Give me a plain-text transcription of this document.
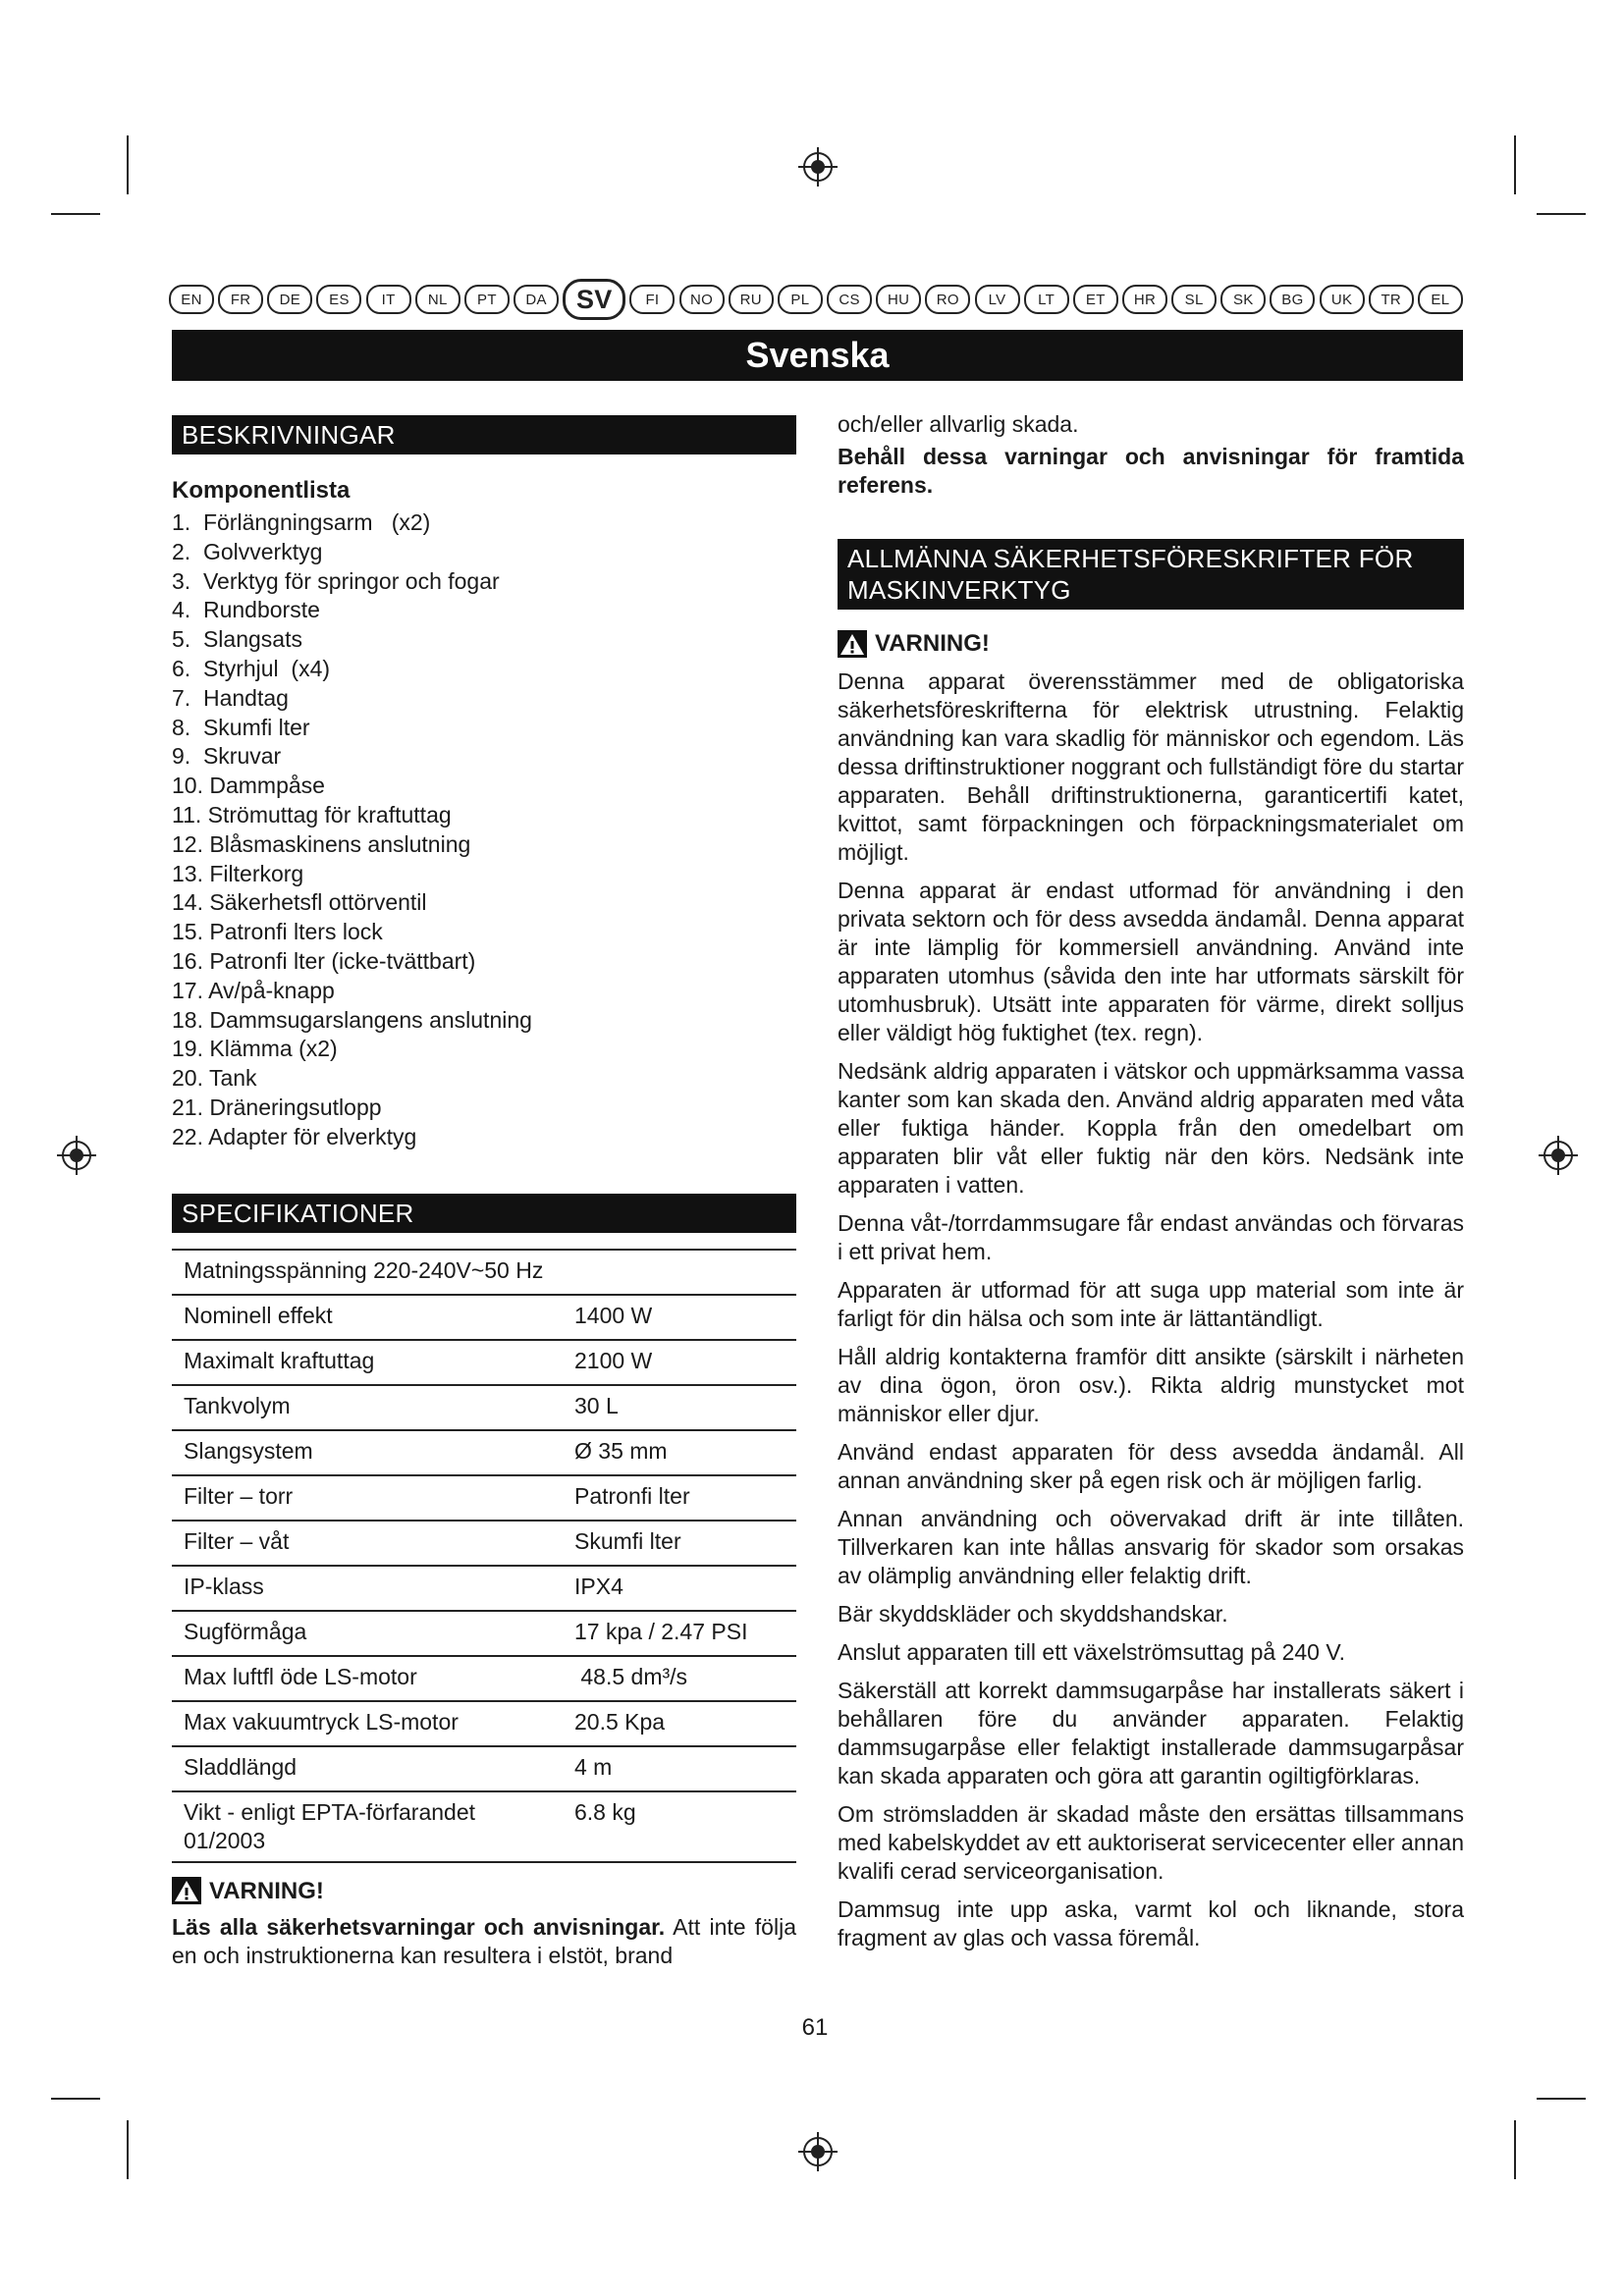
EN	FR	DE	ES	IT	NL	PT	DA	SV	FI	NO	RU	PL	CS	HU	RO	LV	LT	ET	HR	SL	SK	BG	UK	TR	EL
Svenska
BESKRIVNINGAR
Komponentlista
1.  Förlängningsarm   (x2)
2.  Golvverktyg
3.  Verktyg för springor och fogar
4.  Rundborste
5.  Slangsats
6.  Styrhjul  (x4)
7.  Handtag
8.  Skumfi lter
9.  Skruvar
10. Dammpåse
11. Strömuttag för kraftuttag
12. Blåsmaskinens anslutning
13. Filterkorg
14. Säkerhetsfl ottörventil
15. Patronfi lters lock
16. Patronfi lter (icke-tvättbart)
17. Av/på-knapp
18. Dammsugarslangens anslutning
19. Klämma (x2)
20. Tank
21. Dräneringsutlopp
22. Adapter för elverktyg
SPECIFIKATIONER
Matningsspänning 220-240V~50 Hz	
Nominell effekt	1400 W
Maximalt kraftuttag	2100 W
Tankvolym	30 L
Slangsystem	Ø 35 mm
Filter – torr	Patronfi lter
Filter – våt	Skumfi lter
IP-klass	IPX4
Sugförmåga	17 kpa / 2.47 PSI
Max luftfl öde LS-motor	48.5 dm³/s
Max vakuumtryck LS-motor	20.5 Kpa
Sladdlängd	4 m
Vikt - enligt EPTA-förfarandet 01/2003	6.8 kg
VARNING!

Läs alla säkerhetsvarningar och anvisningar. Att inte följa en och instruktionerna kan resultera i elstöt, brand

och/eller allvarlig skada.

Behåll dessa varningar och anvisningar för framtida referens.

ALLMÄNNA SÄKERHETSFÖRESKRIFTER FÖR MASKINVERKTYG
VARNING!

Denna apparat överensstämmer med de obligatoriska säkerhetsföreskrifterna för elektrisk utrustning. Felaktig användning kan vara skadlig för människor och egendom. Läs dessa driftinstruktioner noggrant och fullständigt före du startar apparaten. Behåll driftinstruktionerna, garanticertifi katet, kvittot, samt förpackningen och förpackningsmaterialet om möjligt.

Denna apparat är endast utformad för användning i den privata sektorn och för dess avsedda ändamål. Denna apparat är inte lämplig för kommersiell användning. Använd inte apparaten utomhus (såvida den inte har utformats särskilt för utomhusbruk). Utsätt inte apparaten för värme, direkt solljus eller väldigt hög fuktighet (tex. regn).

Nedsänk aldrig apparaten i vätskor och uppmärksamma vassa kanter som kan skada den. Använd aldrig apparaten med våta eller fuktiga händer. Koppla från den omedelbart om apparaten blir våt eller fuktig när den körs. Nedsänk inte apparaten i vatten.

Denna våt-/torrdammsugare får endast användas och förvaras i ett privat hem.

Apparaten är utformad för att suga upp material som inte är farligt för din hälsa och som inte är lättantändligt.

Håll aldrig kontakterna framför ditt ansikte (särskilt i närheten av dina ögon, öron osv.). Rikta aldrig munstycket mot människor eller djur.

Använd endast apparaten för dess avsedda ändamål. All annan användning sker på egen risk och är möjligen farlig.

Annan användning och oövervakad drift är inte tillåten. Tillverkaren kan inte hållas ansvarig för skador som orsakas av olämplig användning eller felaktig drift.

Bär skyddskläder och skyddshandskar.

Anslut apparaten till ett växelströmsuttag på 240 V.

Säkerställ att korrekt dammsugarpåse har installerats säkert i behållaren före du använder apparaten. Felaktig dammsugarpåse eller felaktigt installerade dammsugarpåsar kan skada apparaten och göra att garantin ogiltigförklaras.

Om strömsladden är skadad måste den ersättas tillsammans med kabelskyddet av ett auktoriserat servicecenter eller annan kvalifi cerad serviceorganisation.

Dammsug inte upp aska, varmt kol och liknande, stora fragment av glas och vassa föremål.

61
